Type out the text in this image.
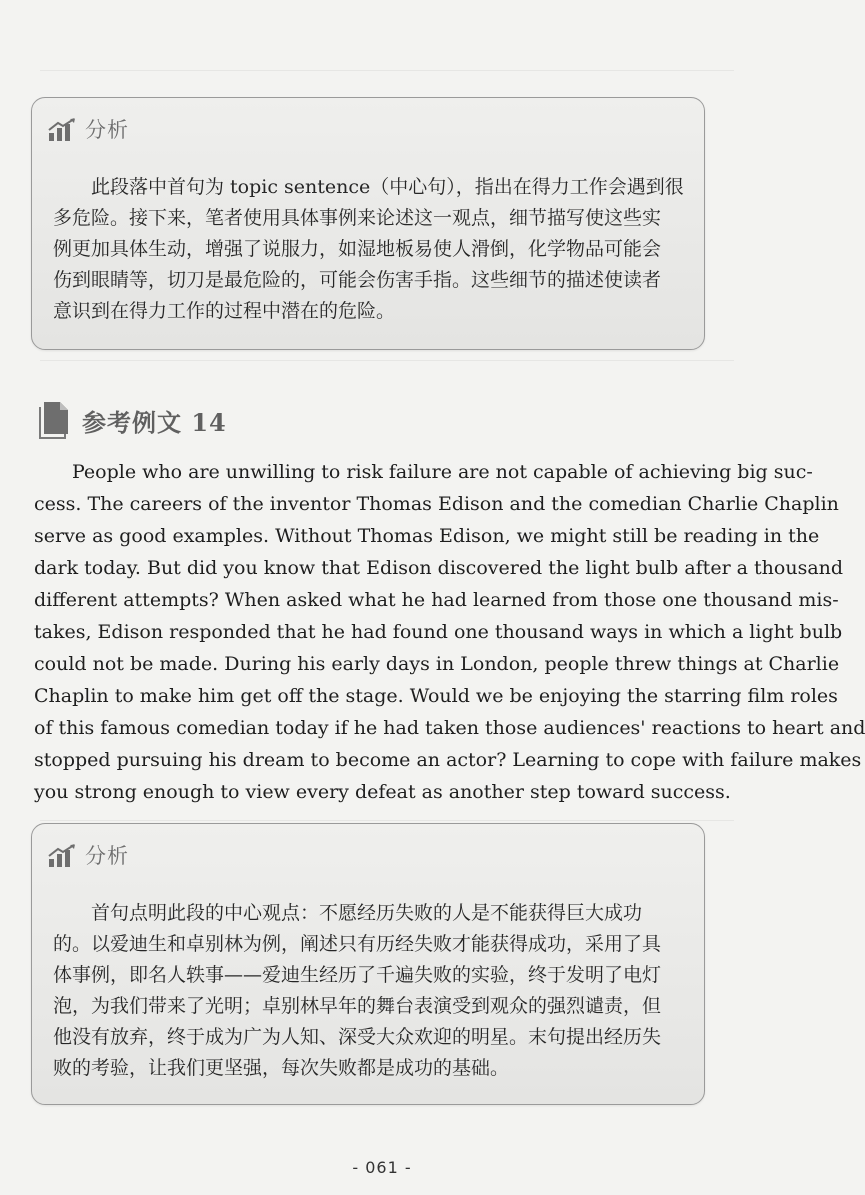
分析
此段落中首句为 topic sentence（中心句），指出在得力工作会遇到很
多危险。接下来，笔者使用具体事例来论述这一观点，细节描写使这些实
例更加具体生动，增强了说服力，如湿地板易使人滑倒，化学物品可能会
伤到眼睛等，切刀是最危险的，可能会伤害手指。这些细节的描述使读者
意识到在得力工作的过程中潜在的危险。
参考例文 14
People who are unwilling to risk failure are not capable of achieving big suc-
cess. The careers of the inventor Thomas Edison and the comedian Charlie Chaplin
serve as good examples. Without Thomas Edison, we might still be reading in the
dark today. But did you know that Edison discovered the light bulb after a thousand
different attempts? When asked what he had learned from those one thousand mis-
takes, Edison responded that he had found one thousand ways in which a light bulb
could not be made. During his early days in London, people threw things at Charlie
Chaplin to make him get off the stage. Would we be enjoying the starring film roles
of this famous comedian today if he had taken those audiences' reactions to heart and
stopped pursuing his dream to become an actor? Learning to cope with failure makes
you strong enough to view every defeat as another step toward success.
分析
首句点明此段的中心观点：不愿经历失败的人是不能获得巨大成功
的。以爱迪生和卓别林为例，阐述只有历经失败才能获得成功，采用了具
体事例，即名人轶事——爱迪生经历了千遍失败的实验，终于发明了电灯
泡，为我们带来了光明；卓别林早年的舞台表演受到观众的强烈谴责，但
他没有放弃，终于成为广为人知、深受大众欢迎的明星。末句提出经历失
败的考验，让我们更坚强，每次失败都是成功的基础。
- 061 -
